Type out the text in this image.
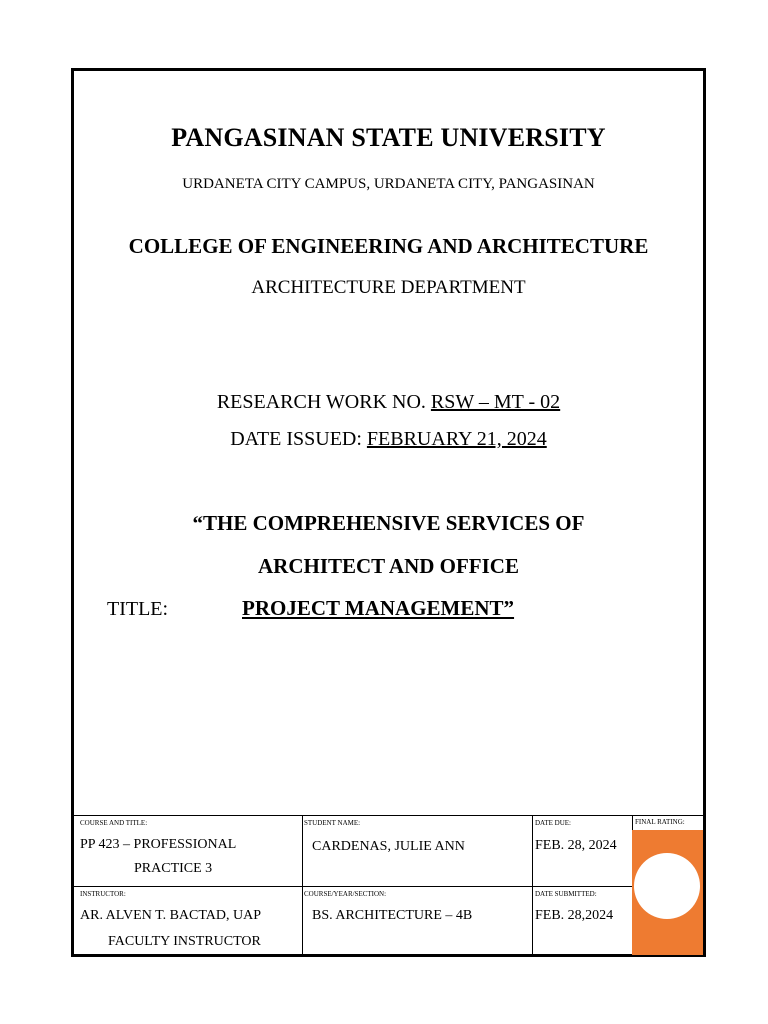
PANGASINAN STATE UNIVERSITY
URDANETA CITY CAMPUS, URDANETA CITY, PANGASINAN
COLLEGE OF ENGINEERING AND ARCHITECTURE
ARCHITECTURE DEPARTMENT
RESEARCH WORK NO. RSW – MT - 02
DATE ISSUED: FEBRUARY 21, 2024
“THE COMPREHENSIVE SERVICES OF
ARCHITECT AND OFFICE
TITLE:	PROJECT MANAGEMENT”
COURSE AND TITLE:
PP 423 – PROFESSIONAL
PRACTICE 3
STUDENT NAME:
CARDENAS, JULIE ANN
DATE DUE:
FEB. 28, 2024
FINAL RATING:
INSTRUCTOR:
AR. ALVEN T. BACTAD, UAP
FACULTY INSTRUCTOR
COURSE/YEAR/SECTION:
BS. ARCHITECTURE – 4B
DATE SUBMITTED:
FEB. 28,2024
